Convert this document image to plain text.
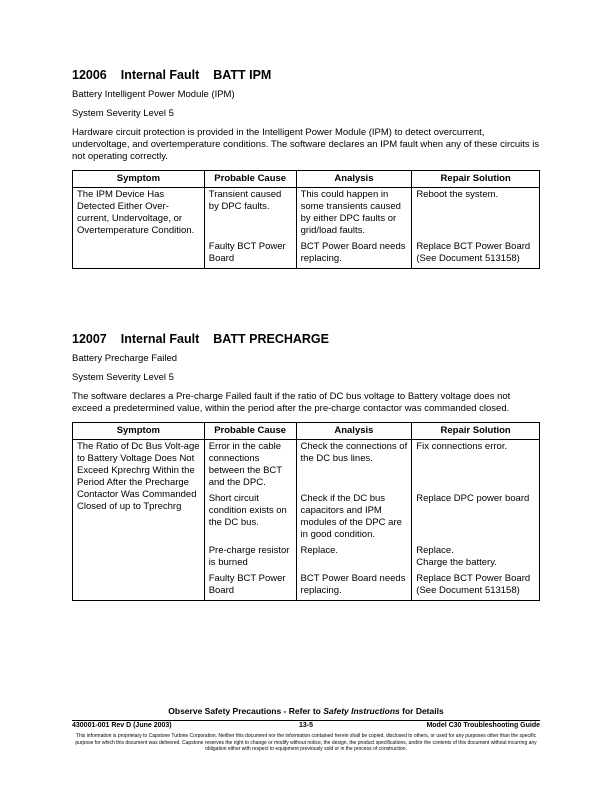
12006 Internal Fault BATT IPM

Battery Intelligent Power Module (IPM)

System Severity Level 5

Hardware circuit protection is provided in the Intelligent Power Module (IPM) to detect overcurrent, undervoltage, and overtemperature conditions. The software declares an IPM fault when any of these circuits is not operating correctly.

Symptom	Probable Cause	Analysis	Repair Solution
The IPM Device Has Detected Either Over-current, Undervoltage, or Overtemperature Condition.	Transient caused by DPC faults.	This could happen in some transients caused by either DPC faults or grid/load faults.	Reboot the system.
	Faulty BCT Power Board	BCT Power Board needs replacing.	Replace BCT Power Board (See Document 513158)
12007 Internal Fault BATT PRECHARGE

Battery Precharge Failed

System Severity Level 5

The software declares a Pre-charge Failed fault if the ratio of DC bus voltage to Battery voltage does not exceed a predetermined value, within the period after the pre-charge contactor was commanded closed.

Symptom	Probable Cause	Analysis	Repair Solution
The Ratio of Dc Bus Volt-age to Battery Voltage Does Not Exceed Kprechrg Within the Period After the Precharge Contactor Was Commanded Closed of up to Tprechrg	Error in the cable connections between the BCT and the DPC.	Check the connections of the DC bus lines.	Fix connections error.
	Short circuit condition exists on the DC bus.	Check if the DC bus capacitors and IPM modules of the DPC are in good condition.	Replace DPC power board
	Pre-charge resistor is burned	Replace.	Replace.
Charge the battery.
	Faulty BCT Power Board	BCT Power Board needs replacing.	Replace BCT Power Board (See Document 513158)
Observe Safety Precautions - Refer to Safety Instructions for Details
430001-001 Rev D (June 2003)	13-5	Model C30 Troubleshooting Guide
This information is proprietary to Capstone Turbine Corporation. Neither this document nor the information contained herein shall be copied, disclosed to others, or used for any purposes other than the specific purpose for which this document was delivered. Capstone reserves the right to change or modify without notice, the design, the product specifications, and/or the contents of this document without incurring any obligation either with respect to equipment previously sold or in the process of construction.
